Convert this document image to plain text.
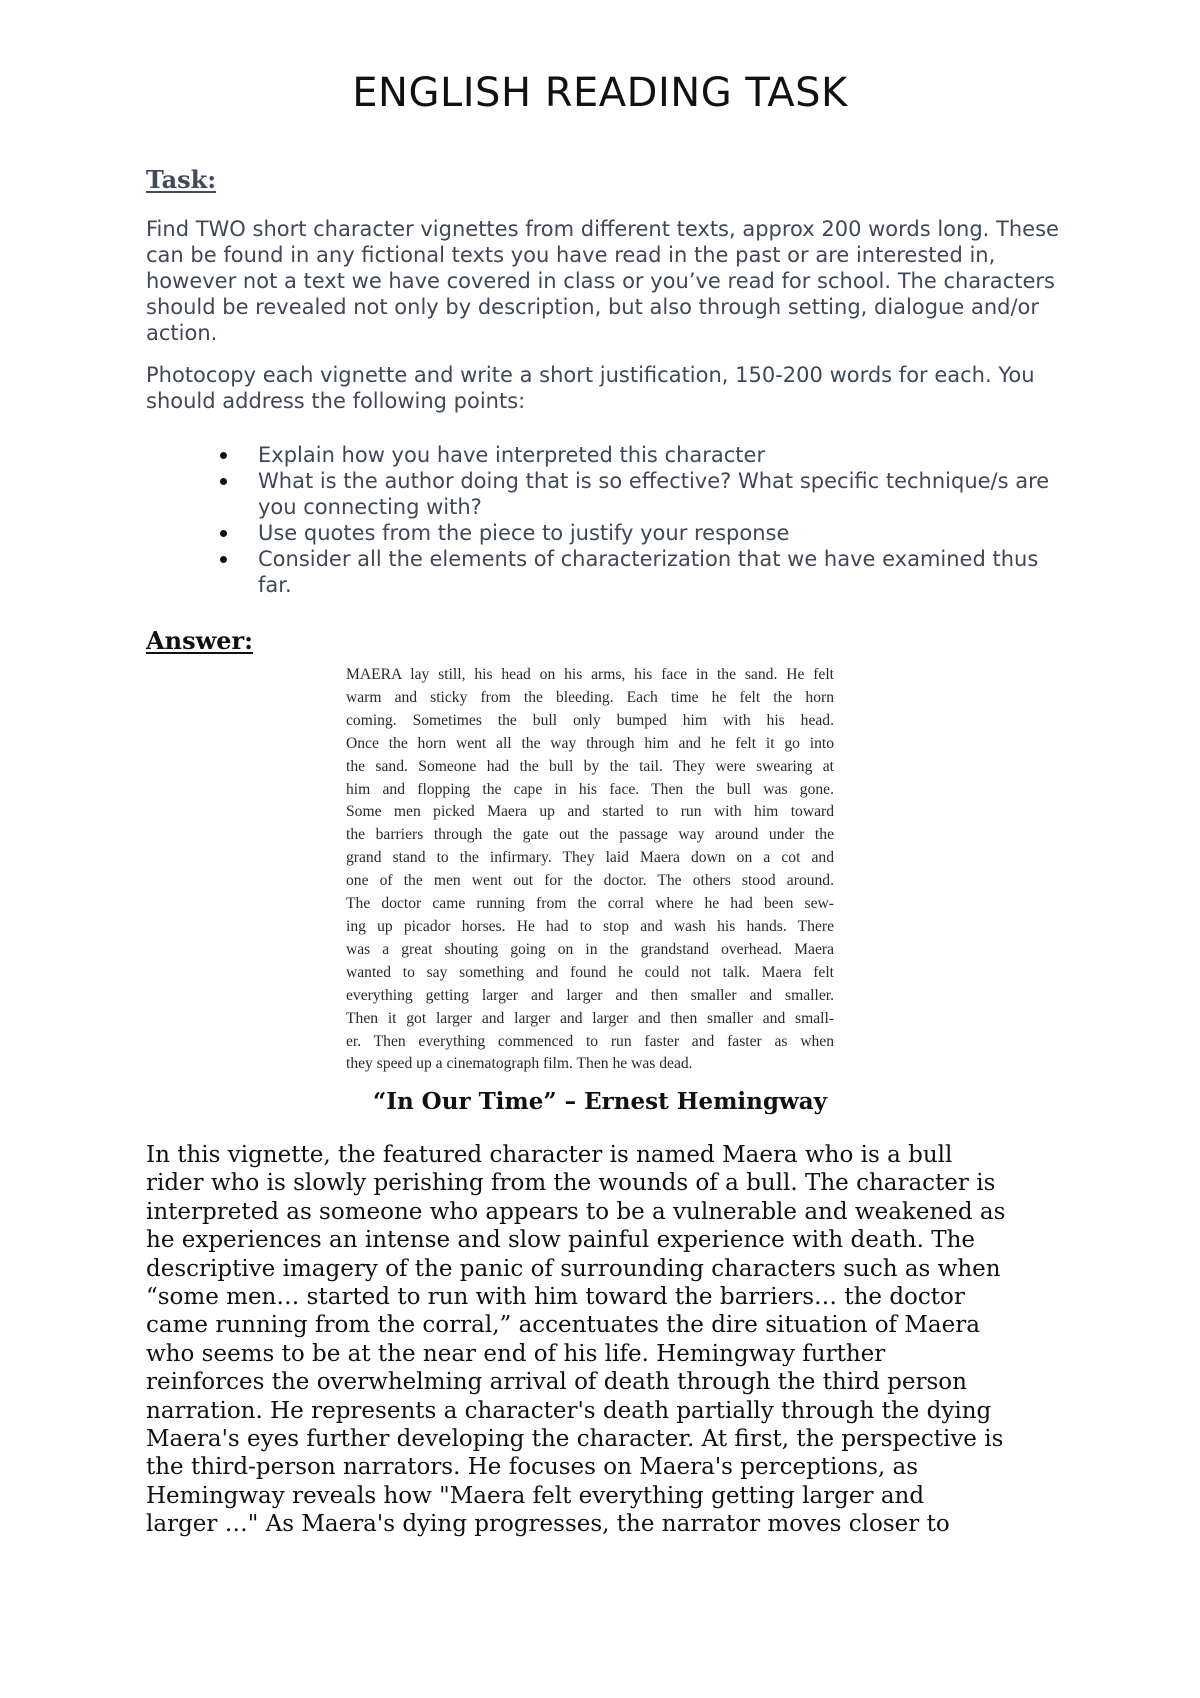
ENGLISH READING TASK
Task:
Find TWO short character vignettes from different texts, approx 200 words long. These can be found in any fictional texts you have read in the past or are interested in, however not a text we have covered in class or you’ve read for school. The characters should be revealed not only by description, but also through setting, dialogue and/or action.
Photocopy each vignette and write a short justification, 150-200 words for each. You should address the following points:
Explain how you have interpreted this character
What is the author doing that is so effective? What specific technique/s are you connecting with?
Use quotes from the piece to justify your response
Consider all the elements of characterization that we have examined thus far.
Answer:
MAERA lay still, his head on his arms, his face in the sand. He felt
warm and sticky from the bleeding. Each time he felt the horn
coming. Sometimes the bull only bumped him with his head.
Once the horn went all the way through him and he felt it go into
the sand. Someone had the bull by the tail. They were swearing at
him and flopping the cape in his face. Then the bull was gone.
Some men picked Maera up and started to run with him toward
the barriers through the gate out the passage way around under the
grand stand to the infirmary. They laid Maera down on a cot and
one of the men went out for the doctor. The others stood around.
The doctor came running from the corral where he had been sew-
ing up picador horses. He had to stop and wash his hands. There
was a great shouting going on in the grandstand overhead. Maera
wanted to say something and found he could not talk. Maera felt
everything getting larger and larger and then smaller and smaller.
Then it got larger and larger and larger and then smaller and small-
er. Then everything commenced to run faster and faster as when
they speed up a cinematograph film. Then he was dead.
“In Our Time” – Ernest Hemingway
In this vignette, the featured character is named Maera who is a bull
rider who is slowly perishing from the wounds of a bull. The character is
interpreted as someone who appears to be a vulnerable and weakened as
he experiences an intense and slow painful experience with death. The
descriptive imagery of the panic of surrounding characters such as when
“some men… started to run with him toward the barriers… the doctor
came running from the corral,” accentuates the dire situation of Maera
who seems to be at the near end of his life. Hemingway further
reinforces the overwhelming arrival of death through the third person
narration. He represents a character's death partially through the dying
Maera's eyes further developing the character. At first, the perspective is
the third-person narrators. He focuses on Maera's perceptions, as
Hemingway reveals how "Maera felt everything getting larger and
larger …" As Maera's dying progresses, the narrator moves closer to
